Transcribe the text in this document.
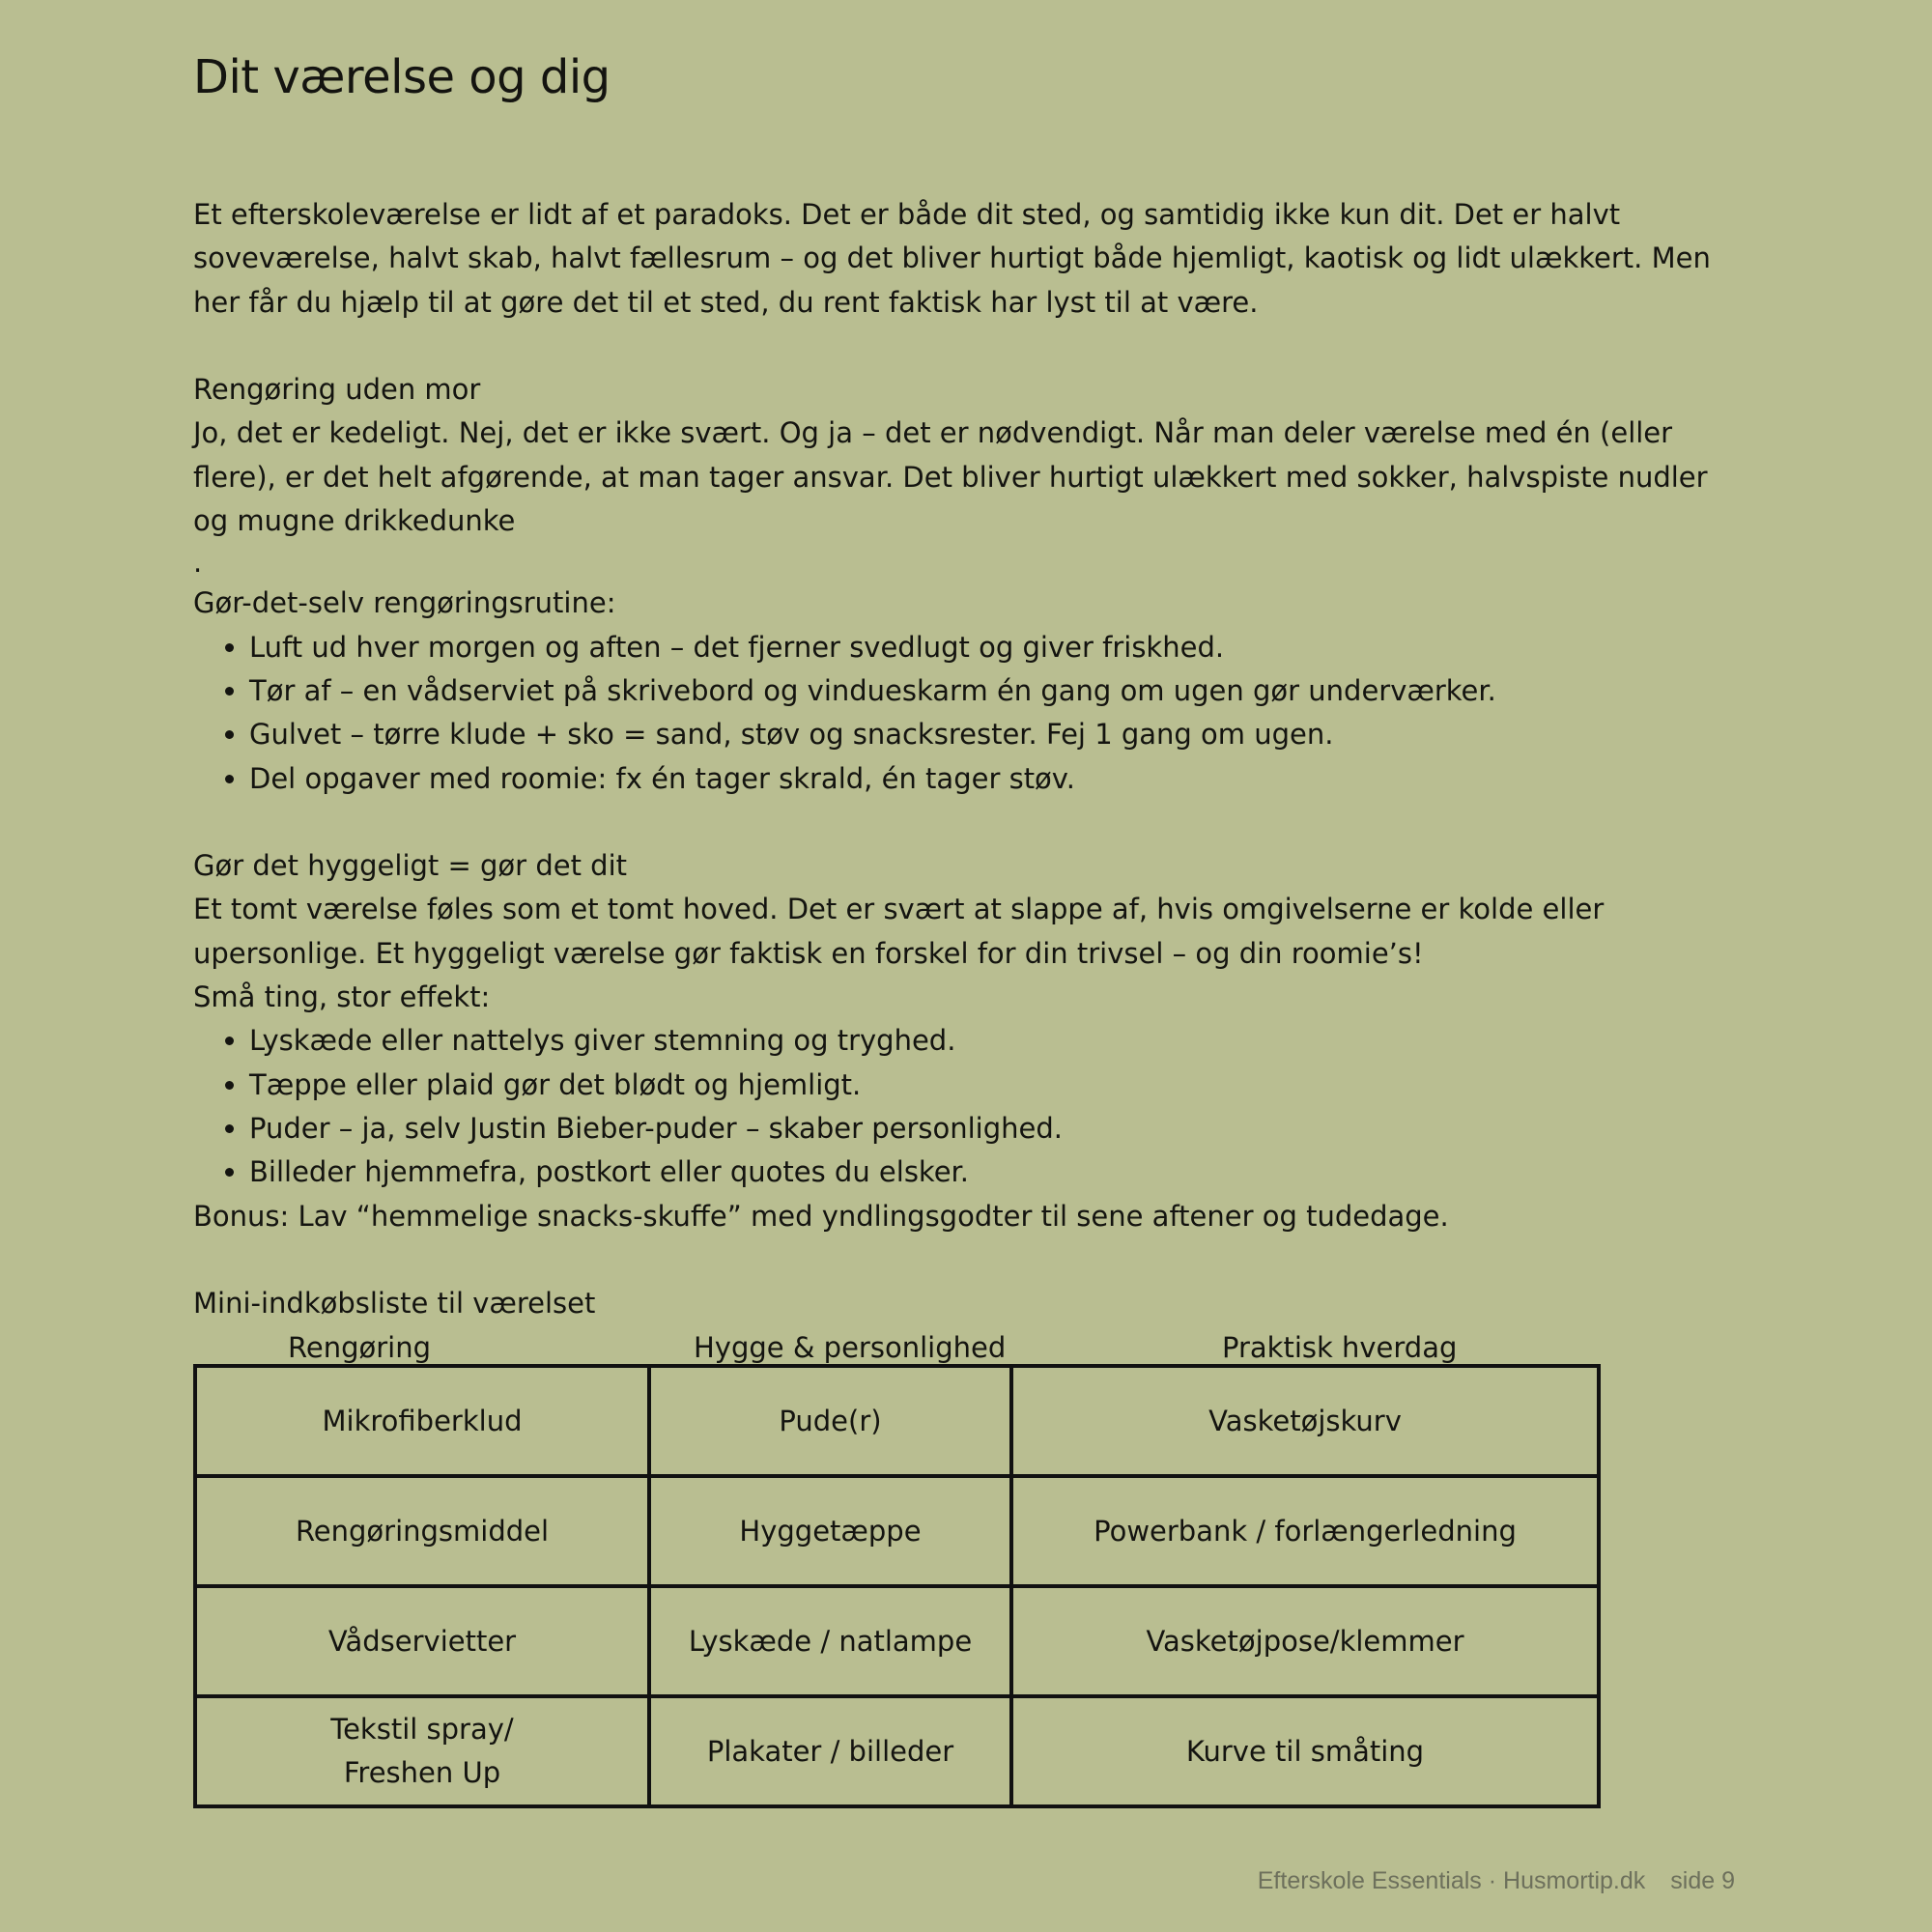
Dit værelse og dig

Et efterskoleværelse er lidt af et paradoks. Det er både dit sted, og samtidig ikke kun dit. Det er halvt

soveværelse, halvt skab, halvt fællesrum – og det bliver hurtigt både hjemligt, kaotisk og lidt ulækkert. Men

her får du hjælp til at gøre det til et sted, du rent faktisk har lyst til at være.

Rengøring uden mor

Jo, det er kedeligt. Nej, det er ikke svært. Og ja – det er nødvendigt. Når man deler værelse med én (eller

flere), er det helt afgørende, at man tager ansvar. Det bliver hurtigt ulækkert med sokker, halvspiste nudler

og mugne drikkedunke

.

Gør-det-selv rengøringsrutine:

• Luft ud hver morgen og aften – det fjerner svedlugt og giver friskhed.
• Tør af – en vådserviet på skrivebord og vindueskarm én gang om ugen gør underværker.
• Gulvet – tørre klude + sko = sand, støv og snacksrester. Fej 1 gang om ugen.
• Del opgaver med roomie: fx én tager skrald, én tager støv.

Gør det hyggeligt = gør det dit

Et tomt værelse føles som et tomt hoved. Det er svært at slappe af, hvis omgivelserne er kolde eller

upersonlige. Et hyggeligt værelse gør faktisk en forskel for din trivsel – og din roomie’s!

Små ting, stor effekt:

• Lyskæde eller nattelys giver stemning og tryghed.
• Tæppe eller plaid gør det blødt og hjemligt.
• Puder – ja, selv Justin Bieber-puder – skaber personlighed.
• Billeder hjemmefra, postkort eller quotes du elsker.

Bonus: Lav “hemmelige snacks-skuffe” med yndlingsgodter til sene aftener og tudedage.

Mini-indkøbsliste til værelset

Rengøring	Hygge & personlighed	Praktisk hverdag
Mikrofiberklud	Pude(r)	Vasketøjskurv
Rengøringsmiddel	Hyggetæppe	Powerbank / forlængerledning
Vådservietter	Lyskæde / natlampe	Vasketøjpose/klemmer
Tekstil spray/
Freshen Up	Plakater / billeder	Kurve til småting
Efterskole Essentials · Husmortip.dk side 9
